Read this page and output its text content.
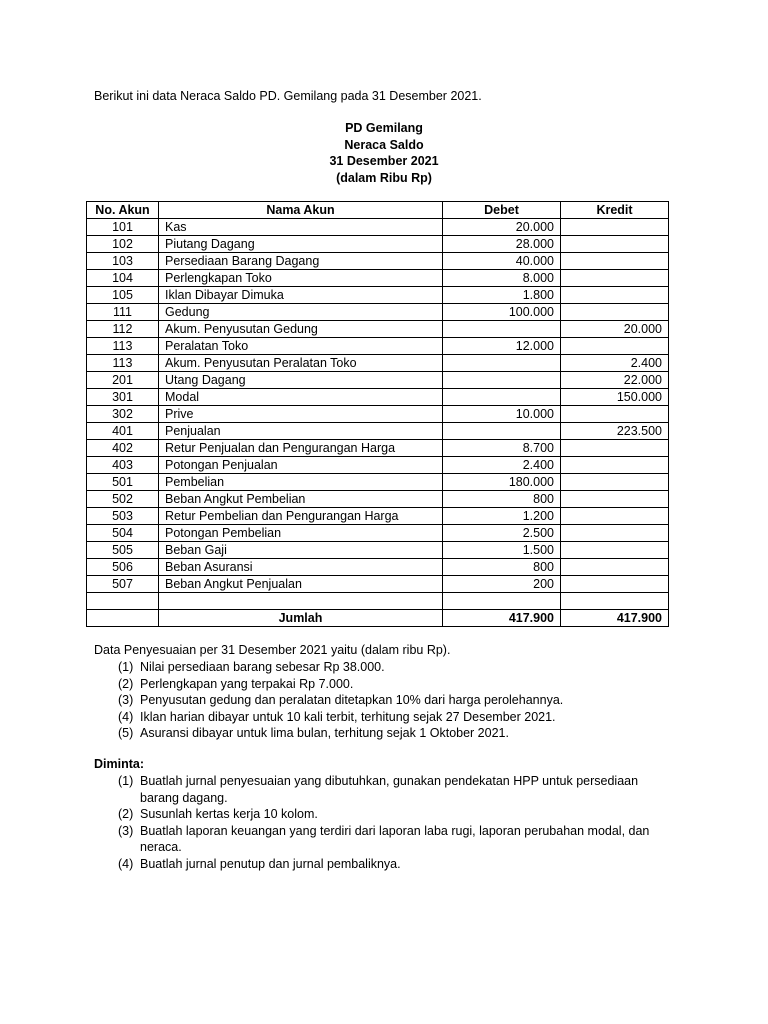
Berikut ini data Neraca Saldo PD. Gemilang pada 31 Desember 2021.
PD Gemilang
Neraca Saldo
31 Desember 2021
(dalam Ribu Rp)
No. Akun	Nama Akun	Debet	Kredit
101	Kas	20.000	
102	Piutang Dagang	28.000	
103	Persediaan Barang Dagang	40.000	
104	Perlengkapan Toko	8.000	
105	Iklan Dibayar Dimuka	1.800	
111	Gedung	100.000	
112	Akum. Penyusutan Gedung		20.000
113	Peralatan Toko	12.000	
113	Akum. Penyusutan Peralatan Toko		2.400
201	Utang Dagang		22.000
301	Modal		150.000
302	Prive	10.000	
401	Penjualan		223.500
402	Retur Penjualan dan Pengurangan Harga	8.700	
403	Potongan Penjualan	2.400	
501	Pembelian	180.000	
502	Beban Angkut Pembelian	800	
503	Retur Pembelian dan Pengurangan Harga	1.200	
504	Potongan Pembelian	2.500	
505	Beban Gaji	1.500	
506	Beban Asuransi	800	
507	Beban Angkut Penjualan	200	

	Jumlah	417.900	417.900
Data Penyesuaian per 31 Desember 2021 yaitu (dalam ribu Rp).
(1) Nilai persediaan barang sebesar Rp 38.000.
(2) Perlengkapan yang terpakai Rp 7.000.
(3) Penyusutan gedung dan peralatan ditetapkan 10% dari harga perolehannya.
(4) Iklan harian dibayar untuk 10 kali terbit, terhitung sejak 27 Desember 2021.
(5) Asuransi dibayar untuk lima bulan, terhitung sejak 1 Oktober 2021.
Diminta:
(1) Buatlah jurnal penyesuaian yang dibutuhkan, gunakan pendekatan HPP untuk persediaan barang dagang.
(2) Susunlah kertas kerja 10 kolom.
(3) Buatlah laporan keuangan yang terdiri dari laporan laba rugi, laporan perubahan modal, dan neraca.
(4) Buatlah jurnal penutup dan jurnal pembaliknya.
